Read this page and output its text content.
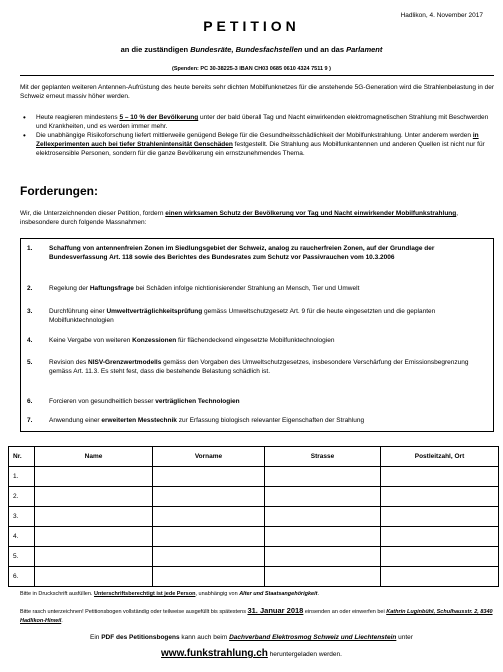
Hadlikon, 4. November 2017
PETITION
an die zuständigen Bundesräte, Bundesfachstellen und an das Parlament
(Spenden: PC 30-38225-3 IBAN CH03 0685 0610 4324 7511 9 )
Mit der geplanten weiteren Antennen-Aufrüstung des heute bereits sehr dichten Mobilfunknetzes für die anstehende 5G-Generation wird die Strahlenbelastung in der Schweiz erneut massiv höher werden.
• Heute reagieren mindestens 5 – 10 % der Bevölkerung unter der bald überall Tag und Nacht einwirkenden elektromagnetischen Strahlung mit Beschwerden und Krankheiten, und es werden immer mehr.
• Die unabhängige Risikoforschung liefert mittlerweile genügend Belege für die Gesundheitsschädlichkeit der Mobilfunkstrahlung. Unter anderem werden in Zellexperimenten auch bei tiefer Strahlenintensität Genschäden festgestellt. Die Strahlung aus Mobilfunkantennen und anderen Quellen ist nicht nur für elektrosensible Personen, sondern für die ganze Bevölkerung ein ernstzunehmendes Thema.
Forderungen:
Wir, die Unterzeichnenden dieser Petition, fordern einen wirksamen Schutz der Bevölkerung vor Tag und Nacht einwirkender Mobilfunkstrahlung, insbesondere durch folgende Massnahmen:
1.	Schaffung von antennenfreien Zonen im Siedlungsgebiet der Schweiz, analog zu raucherfreien Zonen, auf der Grundlage der Bundesverfassung Art. 118 sowie des Berichtes des Bundesrates zum Schutz vor Passivrauchen vom 10.3.2006
2.	Regelung der Haftungsfrage bei Schäden infolge nichtionisierender Strahlung an Mensch, Tier und Umwelt
3.	Durchführung einer Umweltverträglichkeitsprüfung gemäss Umweltschutzgesetz Art. 9 für die heute eingesetzten und die geplanten Mobilfunktechnologien
4.	Keine Vergabe von weiteren Konzessionen für flächendeckend eingesetzte Mobilfunktechnologien
5.	Revision des NISV-Grenzwertmodells gemäss den Vorgaben des Umweltschutzgesetzes, insbesondere Verschärfung der Emissionsbegrenzung gemäss Art. 11.3. Es steht fest, dass die bestehende Belastung schädlich ist.
6.	Forcieren von gesundheitlich besser verträglichen Technologien
7.	Anwendung einer erweiterten Messtechnik zur Erfassung biologisch relevanter Eigenschaften der Strahlung
Nr.	Name	Vorname	Strasse	Postleitzahl, Ort
1.				
2.				
3.				
4.				
5.				
6.				
Bitte in Druckschrift ausfüllen. Unterschriftsberechtigt ist jede Person, unabhängig von Alter und Staatsangehörigkeit.
Bitte rasch unterzeichnen! Petitionsbogen vollständig oder teilweise ausgefüllt bis spätestens 31. Januar 2018 einsenden an oder einwerfen bei Kathrin Luginbühl, Schulhausstr. 2, 8340 Hadlikon-Hinwil.
Ein PDF des Petitionsbogens kann auch beim Dachverband Elektrosmog Schweiz und Liechtenstein unter
www.funkstrahlung.ch heruntergeladen werden.
